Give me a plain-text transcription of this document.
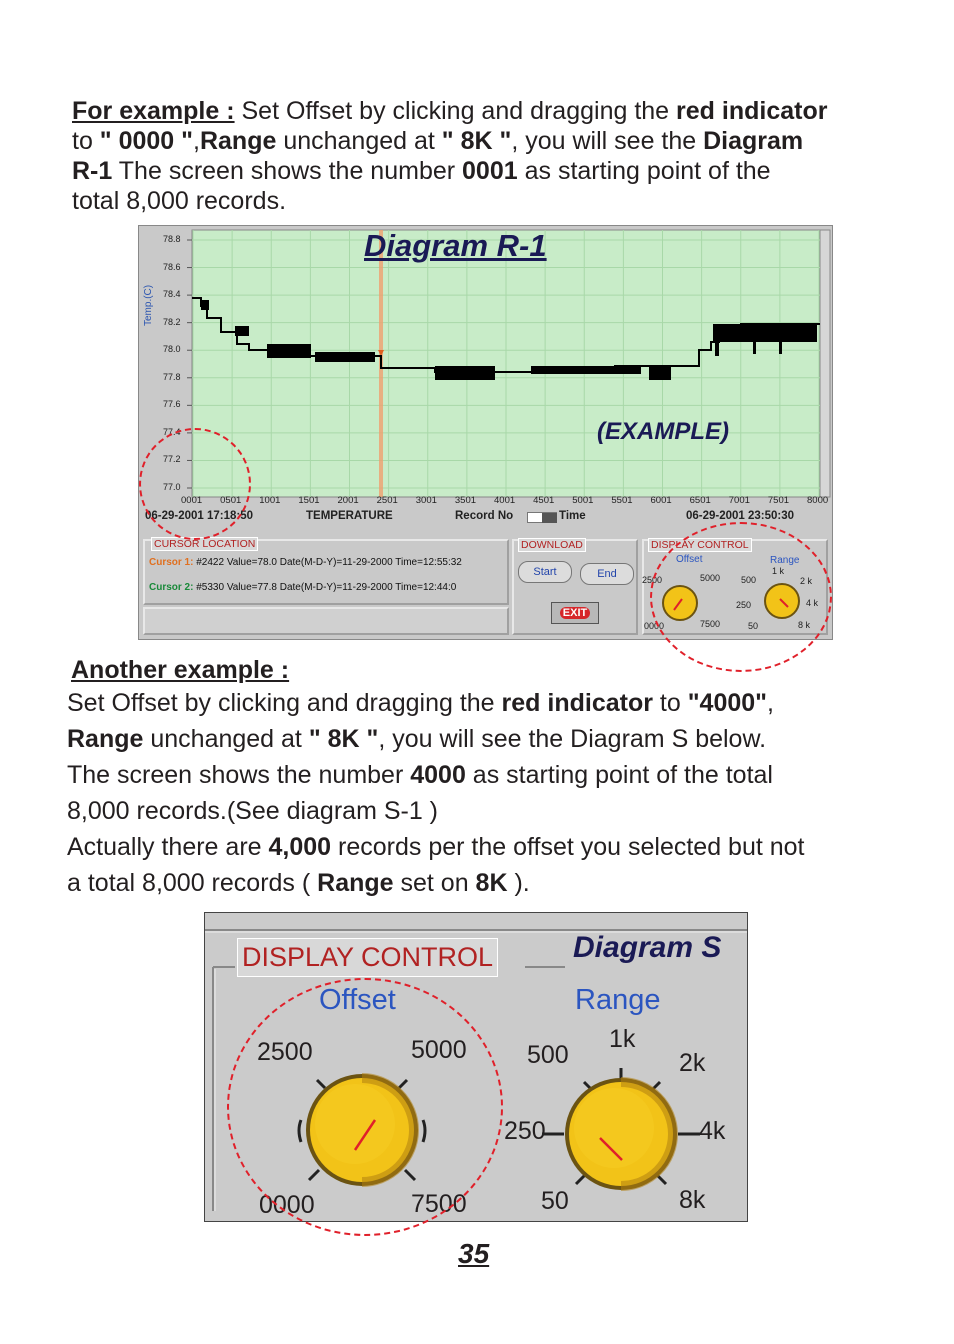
For example : Set Offset by clicking and dragging the red indicator
to " 0000 ",Range unchanged at " 8K ", you will see the Diagram
R-1 The screen shows the number 0001 as starting point of the
total 8,000 records.
Diagram R-1
(EXAMPLE)
Temp.(C)
78.8
78.6
78.4
78.2
78.0
77.8
77.6
77.4
77.2
77.0
0001 0501 1001 1501 2001 2501 3001 3501 4001 4501 5001 5501 6001 6501 7001 7501 8000
06-29-2001 17:18:50	TEMPERATURE	Record No	Time	06-29-2001 23:50:30
CURSOR LOCATION
Cursor 1: #2422 Value=78.0 Date(M-D-Y)=11-29-2000 Time=12:55:32
Cursor 2: #5330 Value=77.8 Date(M-D-Y)=11-29-2000 Time=12:44:0
DOWNLOAD
Start	End
EXIT
DISPLAY CONTROL
Offset	Range
2500	5000
0000	7500
500
1 k
2 k
250	4 k
50	8 k
Another example :
Set Offset by clicking and dragging the red indicator to "4000",
Range unchanged at " 8K ", you will see the Diagram S below.
The screen shows the number 4000 as starting point of the total
8,000 records.(See diagram S-1 )
Actually there are 4,000 records per the offset you selected but not
a total 8,000 records ( Range set on 8K ).
Diagram S
DISPLAY CONTROL
Offset	Range
2500	5000
0000	7500
500
1k
2k
250	4k
50	8k
35
